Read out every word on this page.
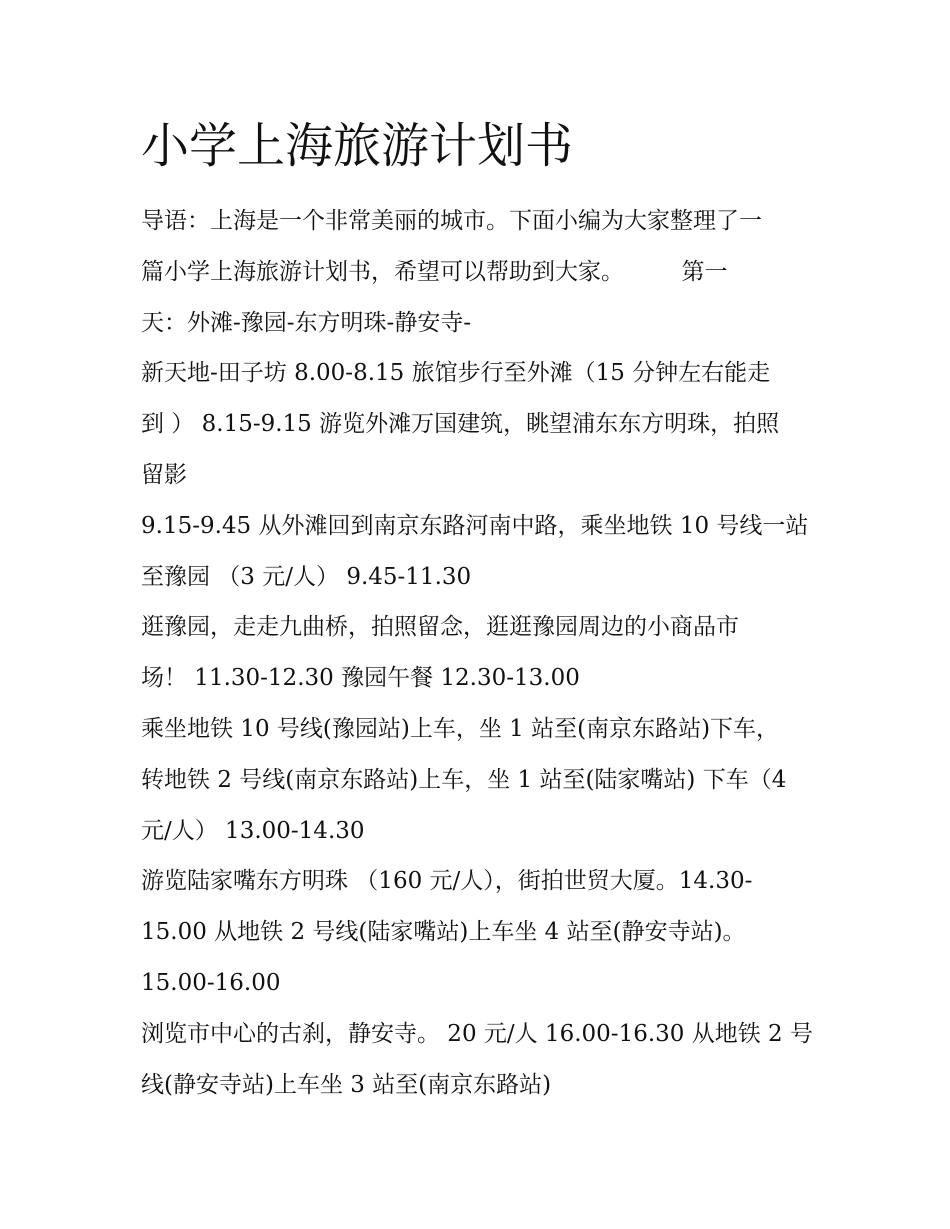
小学上海旅游计划书

导语：上海是一个非常美丽的城市。下面小编为大家整理了一

篇小学上海旅游计划书，希望可以帮助到大家。　　　第一

天：外滩-豫园-东方明珠-静安寺-

新天地-田子坊 8.00-8.15 旅馆步行至外滩（15 分钟左右能走

到 ） 8.15-9.15 游览外滩万国建筑，眺望浦东东方明珠，拍照

留影

9.15-9.45 从外滩回到南京东路河南中路，乘坐地铁 10 号线一站

至豫园 （3 元/人） 9.45-11.30

逛豫园，走走九曲桥，拍照留念，逛逛豫园周边的小商品市

场！ 11.30-12.30 豫园午餐 12.30-13.00

乘坐地铁 10 号线(豫园站)上车，坐 1 站至(南京东路站)下车，

转地铁 2 号线(南京东路站)上车，坐 1 站至(陆家嘴站) 下车（4

元/人） 13.00-14.30

游览陆家嘴东方明珠 （160 元/人），街拍世贸大厦。14.30-

15.00 从地铁 2 号线(陆家嘴站)上车坐 4 站至(静安寺站)。

15.00-16.00

浏览市中心的古刹，静安寺。 20 元/人 16.00-16.30 从地铁 2 号

线(静安寺站)上车坐 3 站至(南京东路站)
